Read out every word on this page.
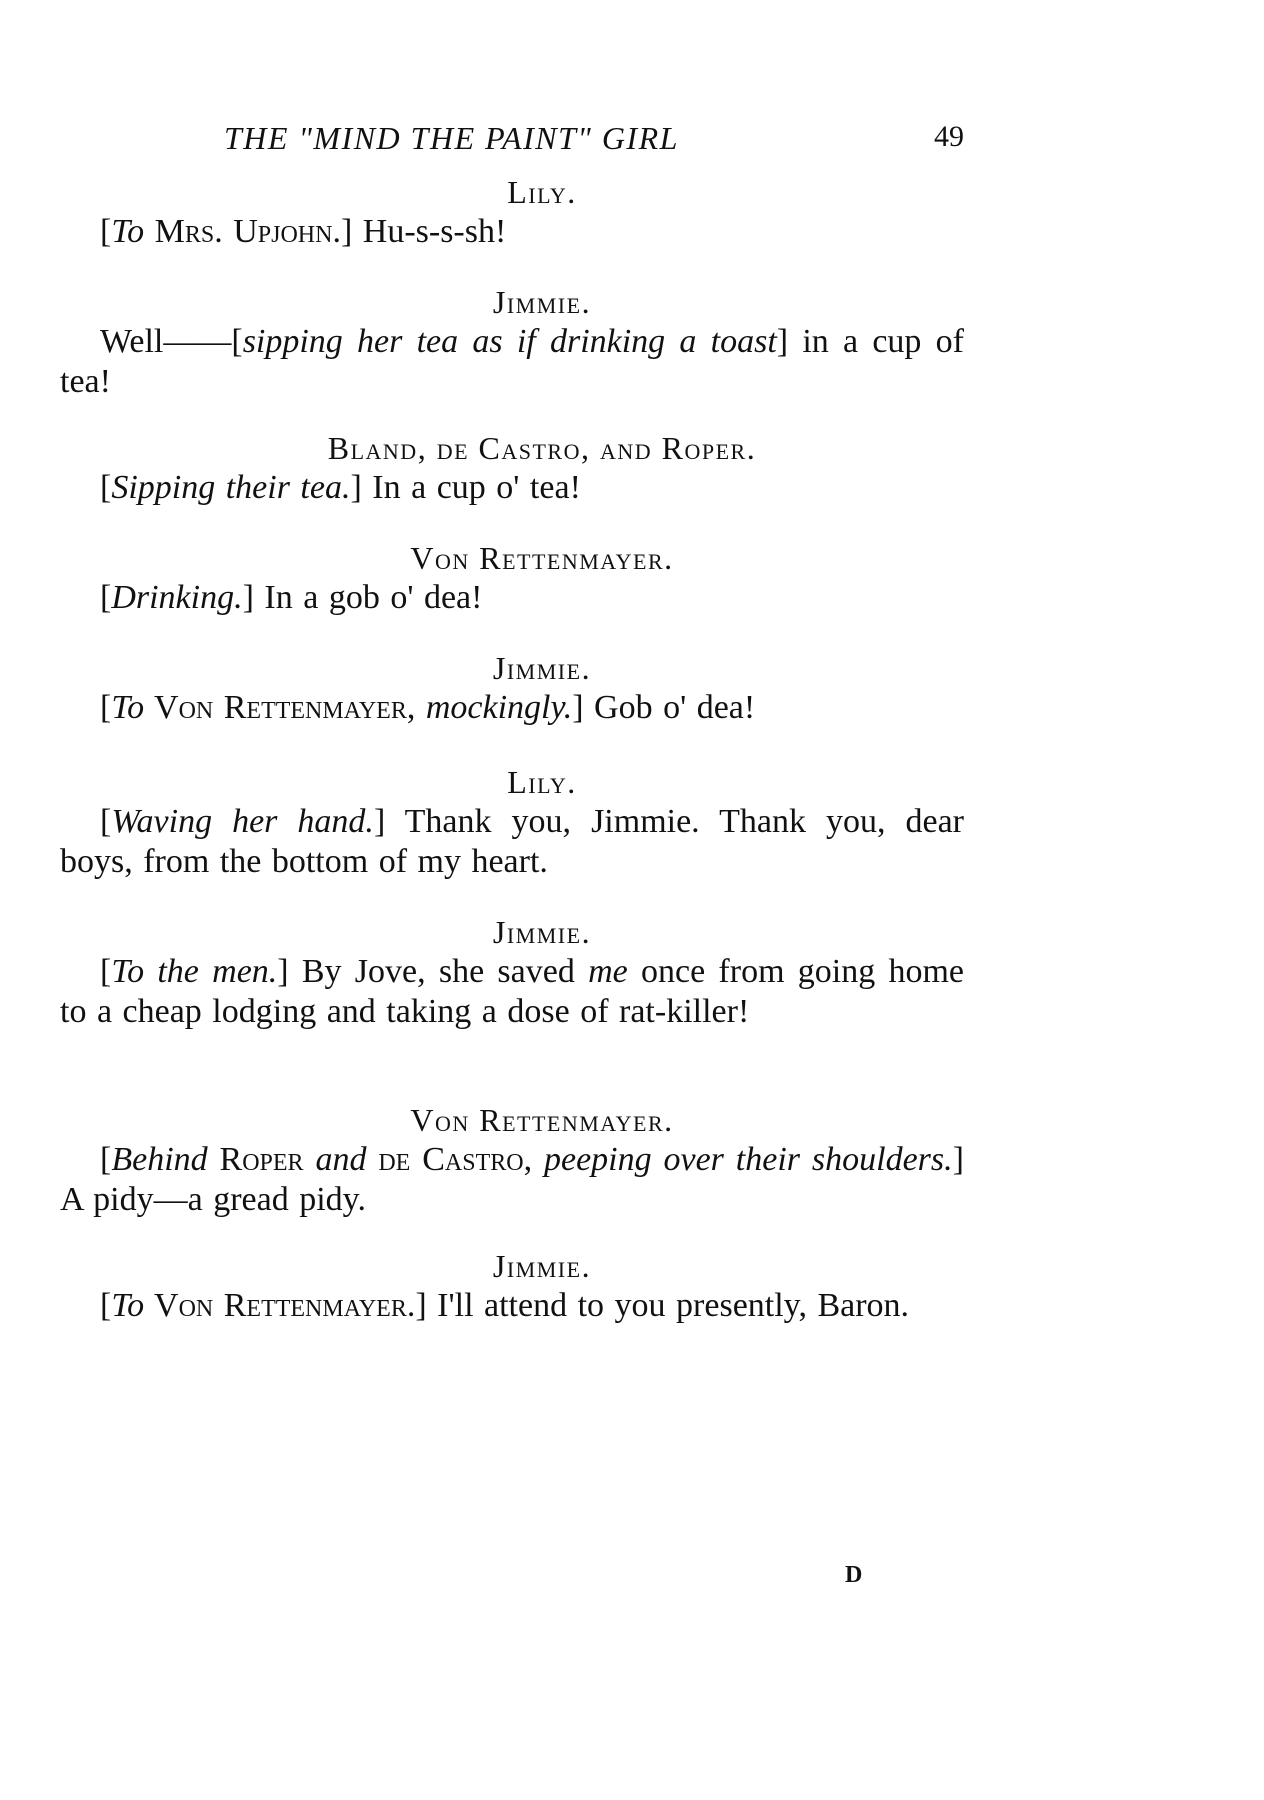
THE "MIND THE PAINT" GIRL	49
Lily.
[To Mrs. Upjohn.] Hu-s-s-sh!
Jimmie.
Well——[sipping her tea as if drinking a toast] in a cup of tea!
Bland, de Castro, and Roper.
[Sipping their tea.] In a cup o' tea!
Von Rettenmayer.
[Drinking.] In a gob o' dea!
Jimmie.
[To Von Rettenmayer, mockingly.] Gob o' dea!
Lily.
[Waving her hand.] Thank you, Jimmie. Thank you, dear boys, from the bottom of my heart.
Jimmie.
[To the men.] By Jove, she saved me once from going home to a cheap lodging and taking a dose of rat-killer!
Von Rettenmayer.
[Behind Roper and de Castro, peeping over their shoulders.] A pidy—a gread pidy.
Jimmie.
[To Von Rettenmayer.] I'll attend to you presently, Baron.
D
